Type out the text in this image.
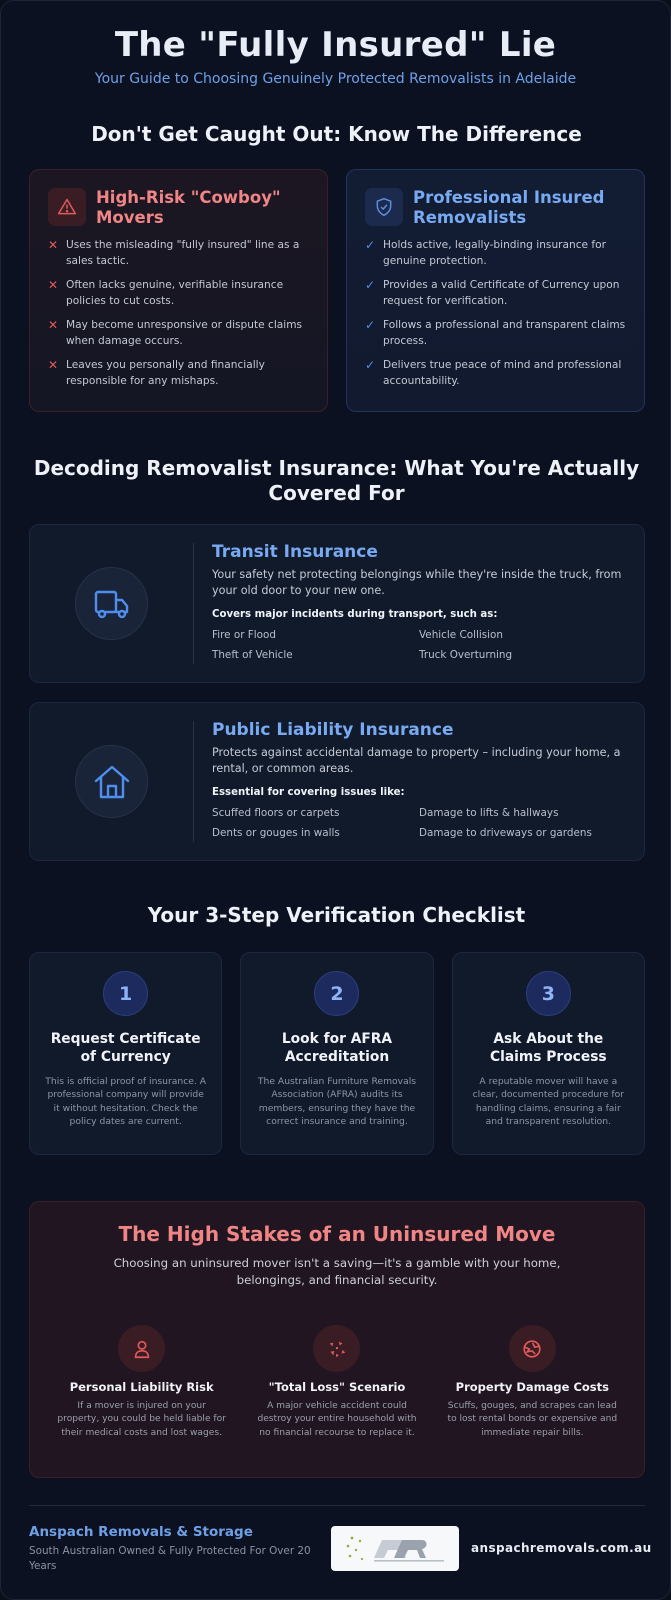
The "Fully Insured" Lie

Your Guide to Choosing Genuinely Protected Removalists in Adelaide

Don't Get Caught Out: Know The Difference
High-Risk "Cowboy" Movers
✕ Uses the misleading "fully insured" line as a sales tactic.
✕ Often lacks genuine, verifiable insurance policies to cut costs.
✕ May become unresponsive or dispute claims when damage occurs.
✕ Leaves you personally and financially responsible for any mishaps.
Professional Insured Removalists
✓ Holds active, legally-binding insurance for genuine protection.
✓ Provides a valid Certificate of Currency upon request for verification.
✓ Follows a professional and transparent claims process.
✓ Delivers true peace of mind and professional accountability.
Decoding Removalist Insurance: What You're Actually Covered For
Transit Insurance
Your safety net protecting belongings while they're inside the truck, from your old door to your new one.
Covers major incidents during transport, such as:
Fire or Flood	Vehicle Collision
Theft of Vehicle	Truck Overturning
Public Liability Insurance
Protects against accidental damage to property – including your home, a rental, or common areas.
Essential for covering issues like:
Scuffed floors or carpets	Damage to lifts & hallways
Dents or gouges in walls	Damage to driveways or gardens
Your 3-Step Verification Checklist
1
Request Certificate of Currency
This is official proof of insurance. A professional company will provide it without hesitation. Check the policy dates are current.
2
Look for AFRA Accreditation
The Australian Furniture Removals Association (AFRA) audits its members, ensuring they have the correct insurance and training.
3
Ask About the Claims Process
A reputable mover will have a clear, documented procedure for handling claims, ensuring a fair and transparent resolution.
The High Stakes of an Uninsured Move
Choosing an uninsured mover isn't a saving—it's a gamble with your home, belongings, and financial security.
Personal Liability Risk
If a mover is injured on your property, you could be held liable for their medical costs and lost wages.
"Total Loss" Scenario
A major vehicle accident could destroy your entire household with no financial recourse to replace it.
Property Damage Costs
Scuffs, gouges, and scrapes can lead to lost rental bonds or expensive and immediate repair bills.
Anspach Removals & Storage
South Australian Owned & Fully Protected For Over 20 Years
anspachremovals.com.au
